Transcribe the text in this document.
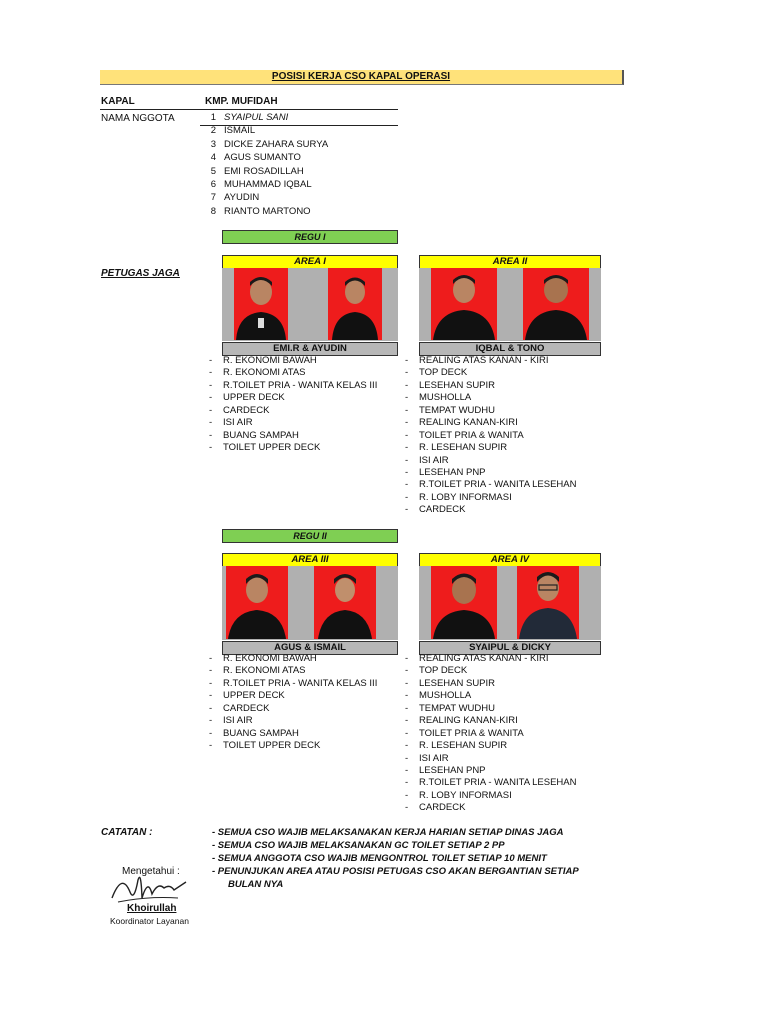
POSISI KERJA CSO KAPAL OPERASI
KAPAL	KMP. MUFIDAH
NAMA NGGOTA	1 SYAIPUL SANI
2 ISMAIL
3 DICKE ZAHARA SURYA
4 AGUS SUMANTO
5 EMI ROSADILLAH
6 MUHAMMAD IQBAL
7 AYUDIN
8 RIANTO MARTONO
REGU I
PETUGAS JAGA
AREA I
EMI.R & AYUDIN
-	R. EKONOMI BAWAH
-	R. EKONOMI ATAS
-	R.TOILET PRIA - WANITA KELAS III
-	UPPER DECK
-	CARDECK
-	ISI AIR
-	BUANG SAMPAH
-	TOILET UPPER DECK
AREA II
IQBAL & TONO
-	REALING ATAS KANAN - KIRI
-	TOP DECK
-	LESEHAN SUPIR
-	MUSHOLLA
-	TEMPAT WUDHU
-	REALING KANAN-KIRI
-	TOILET PRIA & WANITA
-	R. LESEHAN SUPIR
-	ISI AIR
-	LESEHAN PNP
-	R.TOILET PRIA - WANITA LESEHAN
-	R. LOBY INFORMASI
-	CARDECK
REGU II
AREA III
AGUS & ISMAIL
-	R. EKONOMI BAWAH
-	R. EKONOMI ATAS
-	R.TOILET PRIA - WANITA KELAS III
-	UPPER DECK
-	CARDECK
-	ISI AIR
-	BUANG SAMPAH
-	TOILET UPPER DECK
AREA IV
SYAIPUL & DICKY
-	REALING ATAS KANAN - KIRI
-	TOP DECK
-	LESEHAN SUPIR
-	MUSHOLLA
-	TEMPAT WUDHU
-	REALING KANAN-KIRI
-	TOILET PRIA & WANITA
-	R. LESEHAN SUPIR
-	ISI AIR
-	LESEHAN PNP
-	R.TOILET PRIA - WANITA LESEHAN
-	R. LOBY INFORMASI
-	CARDECK
CATATAN :	- SEMUA CSO WAJIB MELAKSANAKAN KERJA HARIAN SETIAP DINAS JAGA
- SEMUA CSO WAJIB MELAKSANAKAN GC TOILET SETIAP 2 PP
- SEMUA ANGGOTA CSO WAJIB MENGONTROL TOILET SETIAP 10 MENIT
- PENUNJUKAN AREA ATAU POSISI PETUGAS CSO AKAN BERGANTIAN SETIAP
BULAN NYA
Mengetahui :
Khoirullah
Koordinator Layanan
